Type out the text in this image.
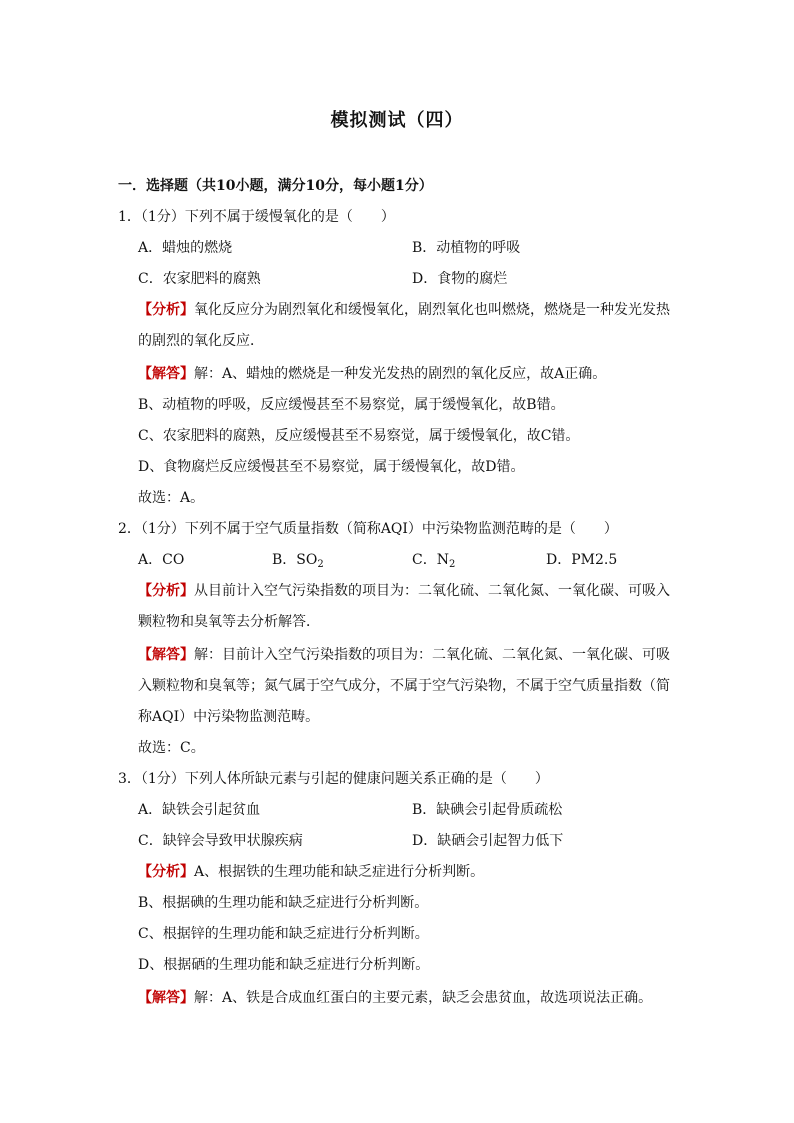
模拟测试（四）
一．选择题（共10小题，满分10分，每小题1分）
1．（1分）下列不属于缓慢氧化的是（　　）
A．蜡烛的燃烧	B．动植物的呼吸
C．农家肥料的腐熟	D．食物的腐烂
【分析】氧化反应分为剧烈氧化和缓慢氧化，剧烈氧化也叫燃烧，燃烧是一种发光发热
的剧烈的氧化反应．
【解答】解：A、蜡烛的燃烧是一种发光发热的剧烈的氧化反应，故A正确。
B、动植物的呼吸，反应缓慢甚至不易察觉，属于缓慢氧化，故B错。
C、农家肥料的腐熟，反应缓慢甚至不易察觉，属于缓慢氧化，故C错。
D、食物腐烂反应缓慢甚至不易察觉，属于缓慢氧化，故D错。
故选：A。
2．（1分）下列不属于空气质量指数（简称AQI）中污染物监测范畴的是（　　）
A．CO	B．$SO_2$	C．$N_2$	D．PM2.5
【分析】从目前计入空气污染指数的项目为：二氧化硫、二氧化氮、一氧化碳、可吸入
颗粒物和臭氧等去分析解答．
【解答】解：目前计入空气污染指数的项目为：二氧化硫、二氧化氮、一氧化碳、可吸
入颗粒物和臭氧等；氮气属于空气成分，不属于空气污染物，不属于空气质量指数（简
称AQI）中污染物监测范畴。
故选：C。
3．（1分）下列人体所缺元素与引起的健康问题关系正确的是（　　）
A．缺铁会引起贫血	B．缺碘会引起骨质疏松
C．缺锌会导致甲状腺疾病	D．缺硒会引起智力低下
【分析】A、根据铁的生理功能和缺乏症进行分析判断。
B、根据碘的生理功能和缺乏症进行分析判断。
C、根据锌的生理功能和缺乏症进行分析判断。
D、根据硒的生理功能和缺乏症进行分析判断。
【解答】解：A、铁是合成血红蛋白的主要元素，缺乏会患贫血，故选项说法正确。
